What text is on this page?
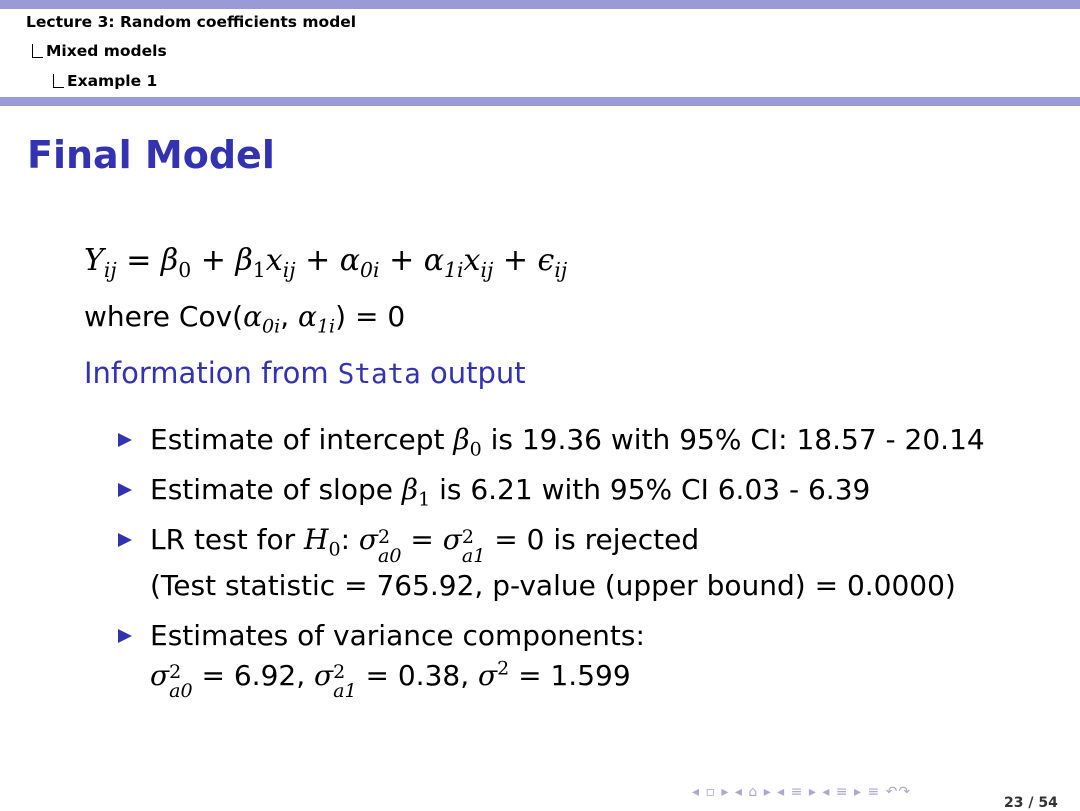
Lecture 3: Random coefficients model
Mixed models
Example 1
Final Model
$Y_{ij} = \beta_0 + \beta_1x_{ij} + \alpha_{0i} + \alpha_{1i}x_{ij} + \epsilon_{ij}$
where $Cov(\alpha_{0i}$, $\alpha_{1i}) = 0$
Information from Stata output
Estimate of intercept $\beta_0$ is 19.36 with 95% CI: 18.57 - 20.14
Estimate of slope $\beta_1$ is 6.21 with 95% CI 6.03 - 6.39
LR test for $H_0$: σ 2
a0 = σ 2
a1 = 0 is rejected
(Test statistic = 765.92, p-value (upper bound) = 0.0000)
Estimates of variance components:
σ 2
a0 = 6.92, σ 2
a1 = 0.38, $\sigma^2 = 1.599$
◂ ▫ ▸ ◂ ⌂ ▸ ◂ ≡ ▸ ◂ ≡ ▸ ≡ ↶↷
23 / 54
